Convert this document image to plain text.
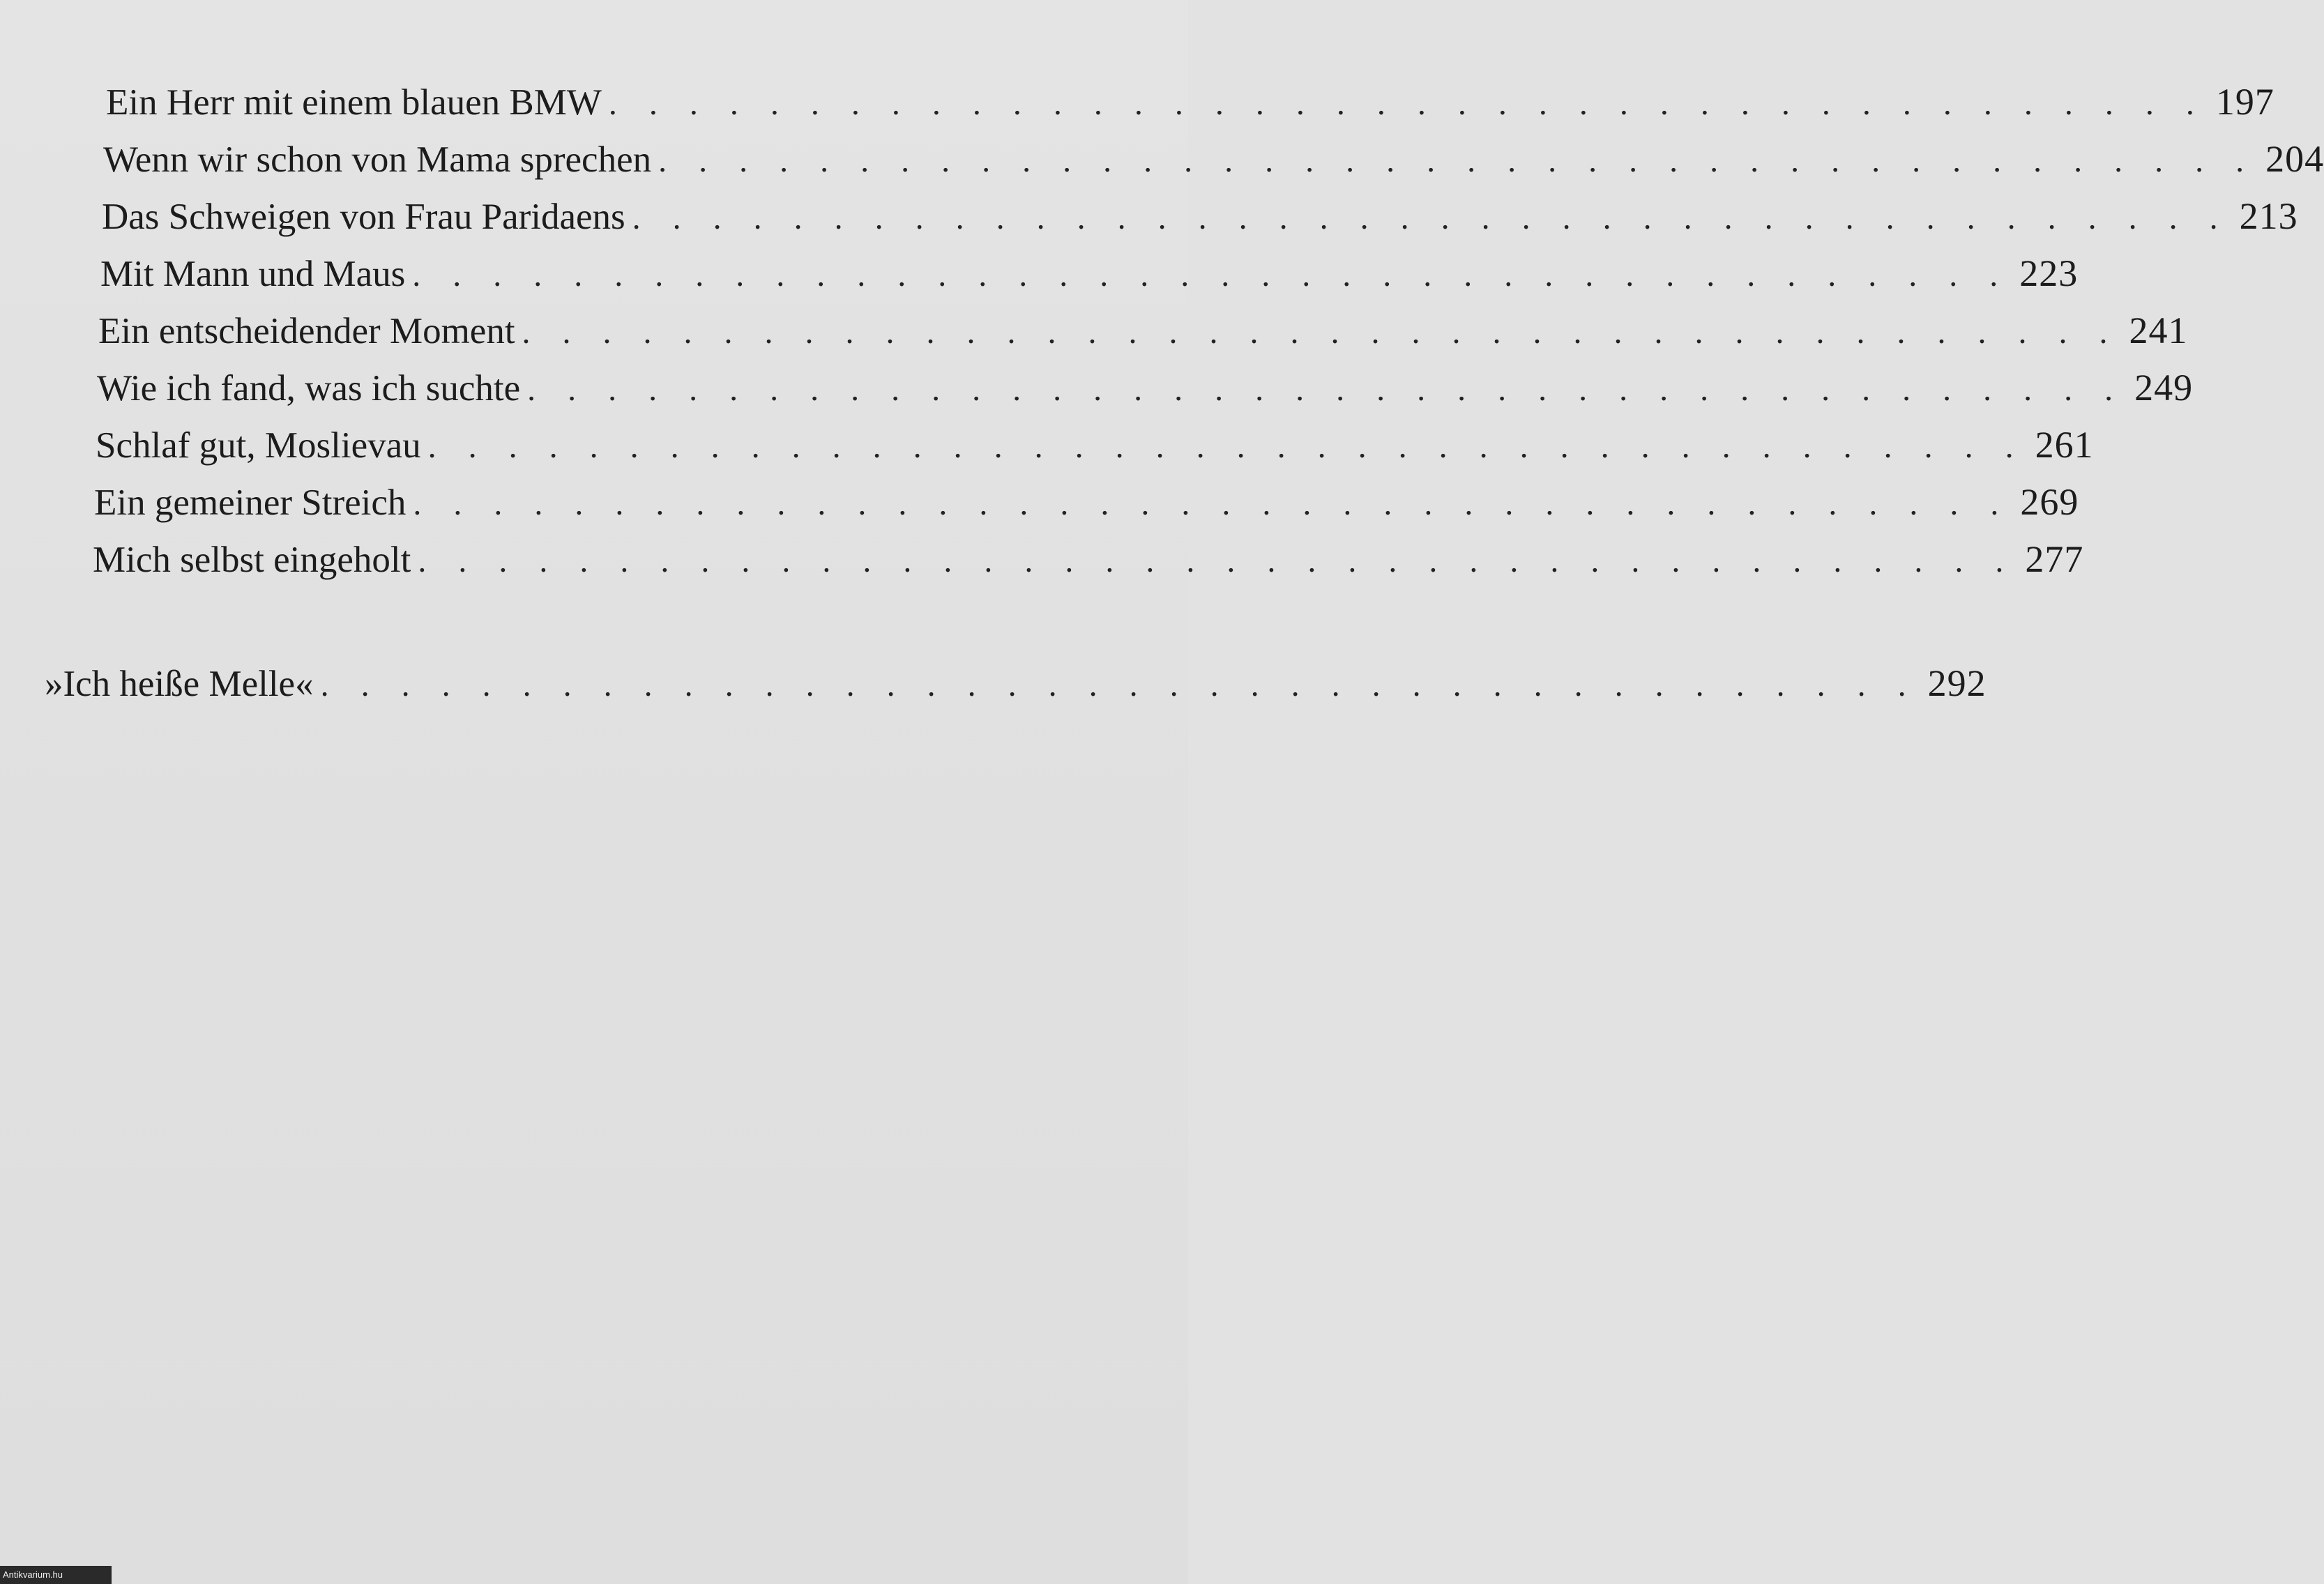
Ein Herr mit einem blauen BMW . . . . . . . . . . . . . . . . . . . . . . . . . . . . . . . . . . . . . . . . 197
Wenn wir schon von Mama sprechen . . . . . . . . . . . . . . . . . . . . . . . . . . . . . . . . . . . . . . . . 204
Das Schweigen von Frau Paridaens . . . . . . . . . . . . . . . . . . . . . . . . . . . . . . . . . . . . . . . . 213
Mit Mann und Maus . . . . . . . . . . . . . . . . . . . . . . . . . . . . . . . . . . . . . . . . 223
Ein entscheidender Moment . . . . . . . . . . . . . . . . . . . . . . . . . . . . . . . . . . . . . . . . 241
Wie ich fand, was ich suchte . . . . . . . . . . . . . . . . . . . . . . . . . . . . . . . . . . . . . . . . 249
Schlaf gut, Moslievau . . . . . . . . . . . . . . . . . . . . . . . . . . . . . . . . . . . . . . . . 261
Ein gemeiner Streich . . . . . . . . . . . . . . . . . . . . . . . . . . . . . . . . . . . . . . . . 269
Mich selbst eingeholt . . . . . . . . . . . . . . . . . . . . . . . . . . . . . . . . . . . . . . . . 277
»Ich heiße Melle« . . . . . . . . . . . . . . . . . . . . . . . . . . . . . . . . . . . . . . . . 292
Antikvarium.hu
